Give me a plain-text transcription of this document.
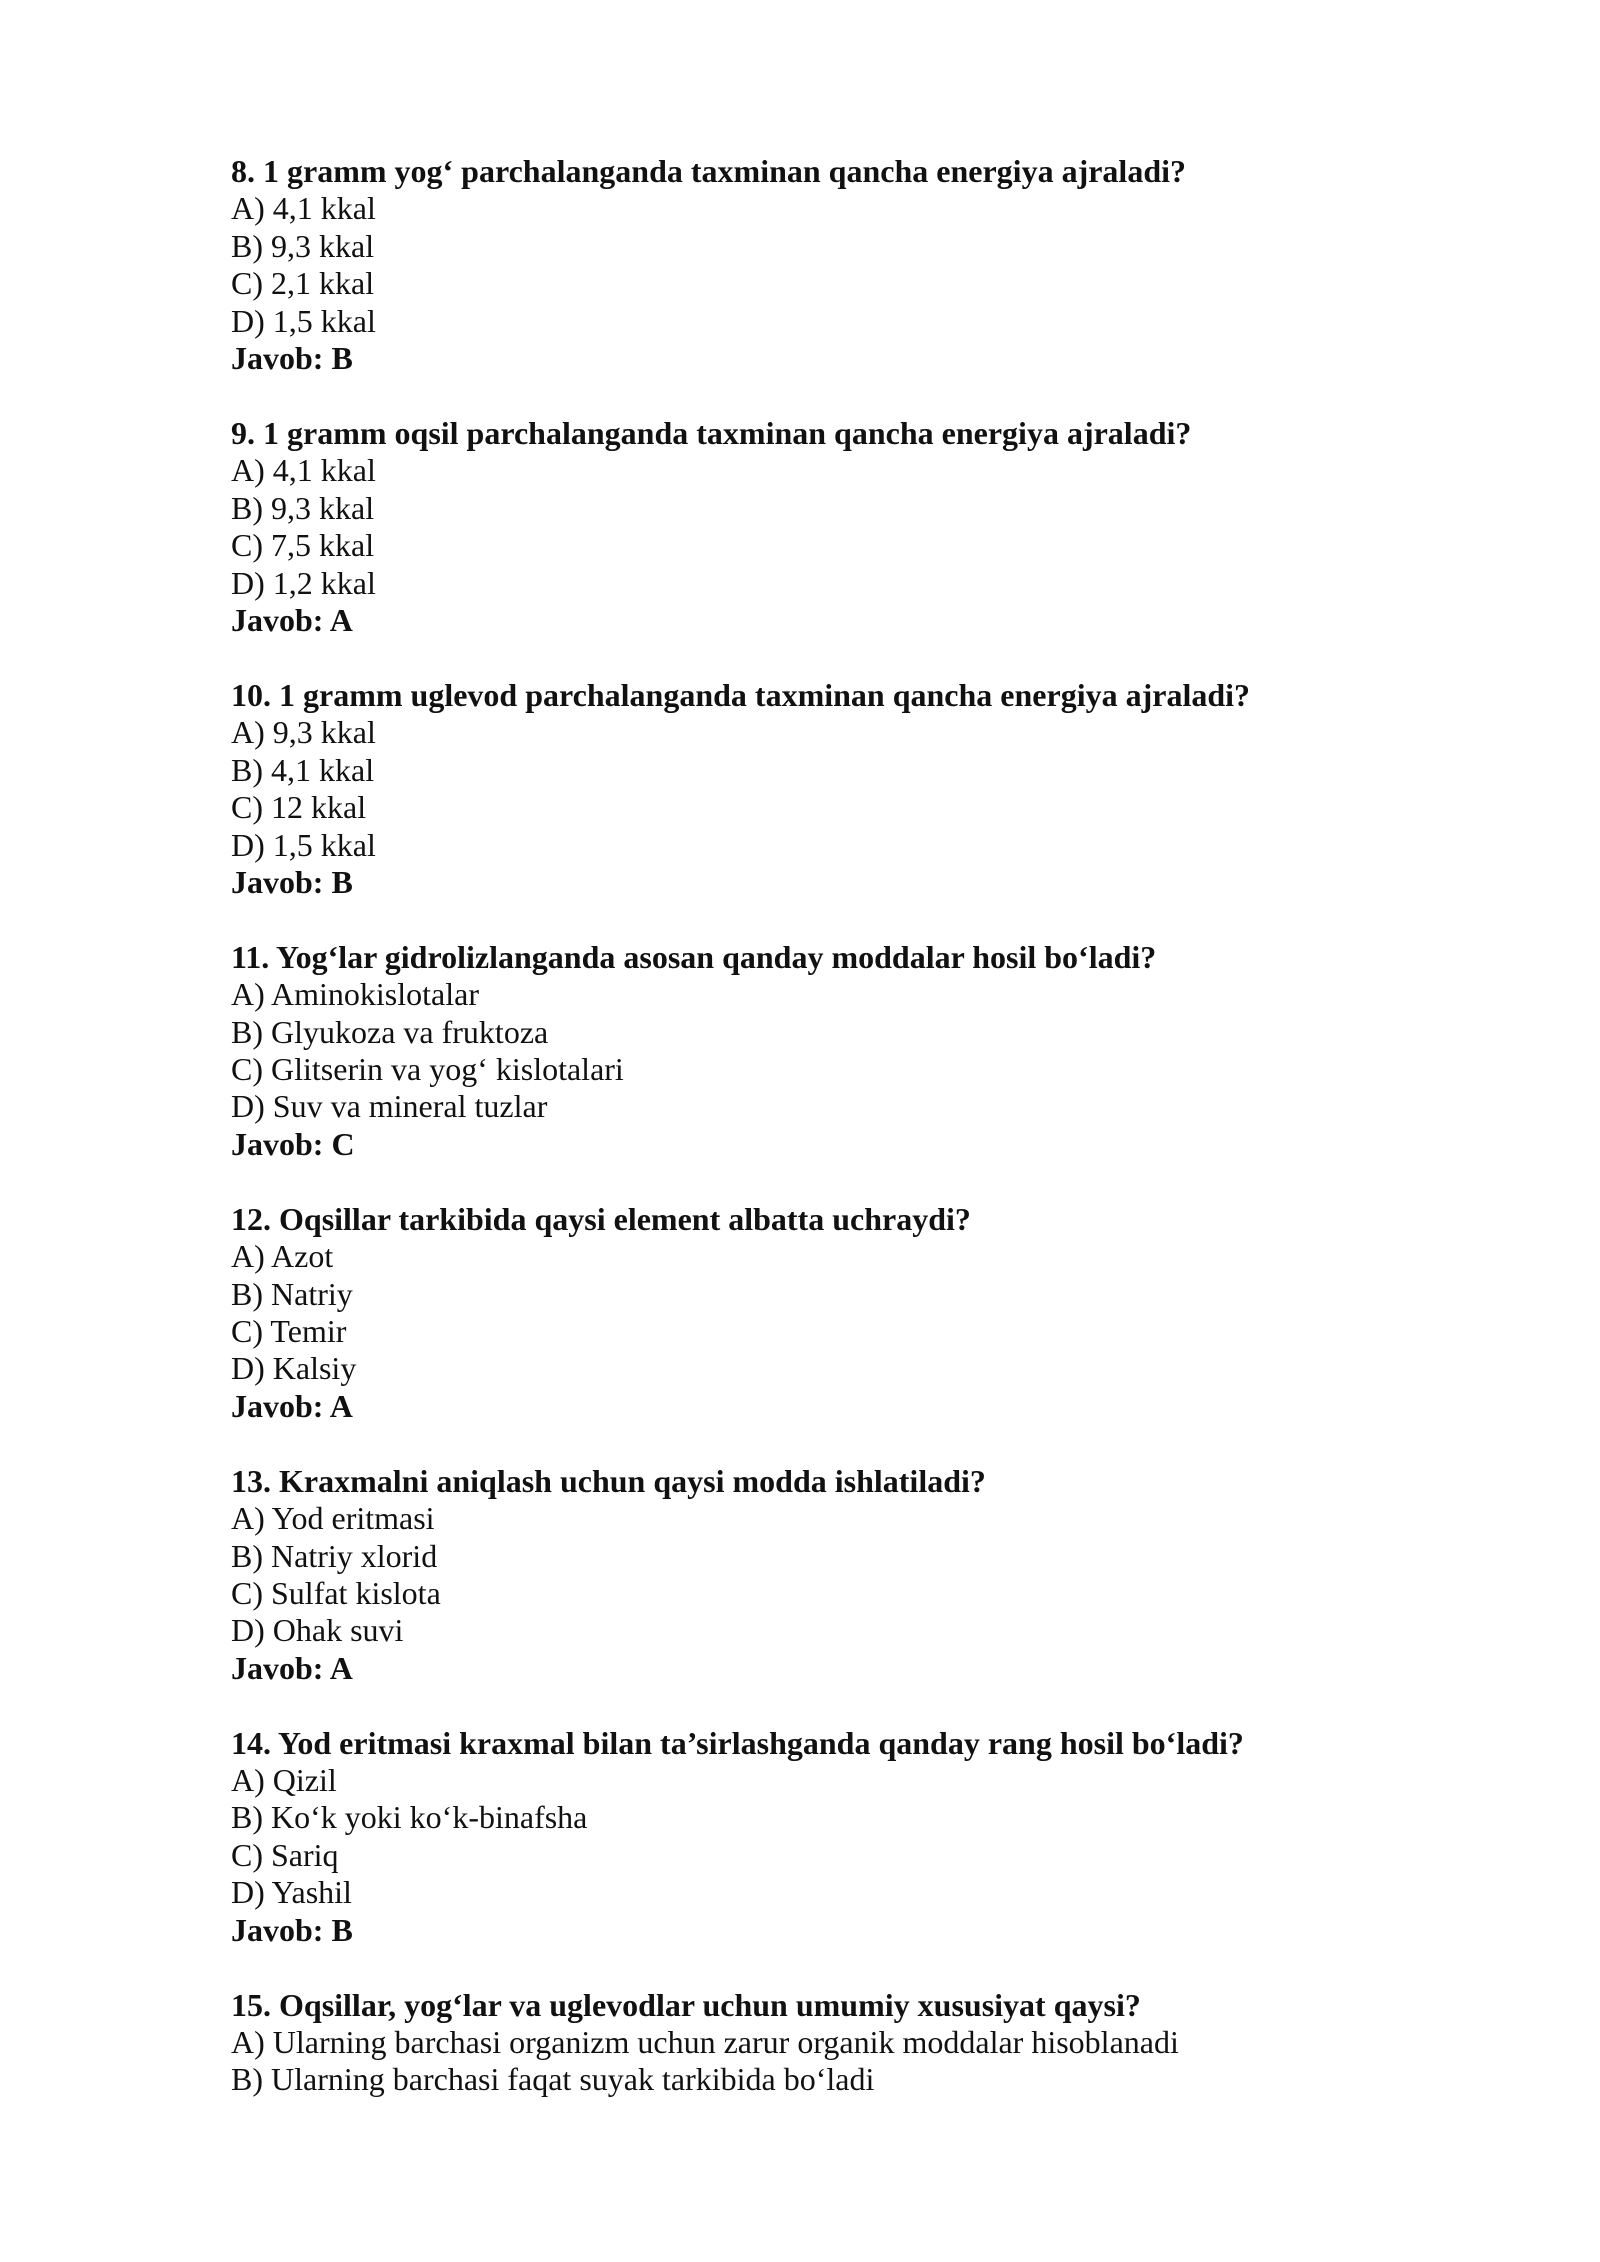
8. 1 gramm yog‘ parchalanganda taxminan qancha energiya ajraladi?
A) 4,1 kkal
B) 9,3 kkal
C) 2,1 kkal
D) 1,5 kkal
Javob: B
9. 1 gramm oqsil parchalanganda taxminan qancha energiya ajraladi?
A) 4,1 kkal
B) 9,3 kkal
C) 7,5 kkal
D) 1,2 kkal
Javob: A
10. 1 gramm uglevod parchalanganda taxminan qancha energiya ajraladi?
A) 9,3 kkal
B) 4,1 kkal
C) 12 kkal
D) 1,5 kkal
Javob: B
11. Yog‘lar gidrolizlanganda asosan qanday moddalar hosil bo‘ladi?
A) Aminokislotalar
B) Glyukoza va fruktoza
C) Glitserin va yog‘ kislotalari
D) Suv va mineral tuzlar
Javob: C
12. Oqsillar tarkibida qaysi element albatta uchraydi?
A) Azot
B) Natriy
C) Temir
D) Kalsiy
Javob: A
13. Kraxmalni aniqlash uchun qaysi modda ishlatiladi?
A) Yod eritmasi
B) Natriy xlorid
C) Sulfat kislota
D) Ohak suvi
Javob: A
14. Yod eritmasi kraxmal bilan ta’sirlashganda qanday rang hosil bo‘ladi?
A) Qizil
B) Ko‘k yoki ko‘k-binafsha
C) Sariq
D) Yashil
Javob: B
15. Oqsillar, yog‘lar va uglevodlar uchun umumiy xususiyat qaysi?
A) Ularning barchasi organizm uchun zarur organik moddalar hisoblanadi
B) Ularning barchasi faqat suyak tarkibida bo‘ladi
